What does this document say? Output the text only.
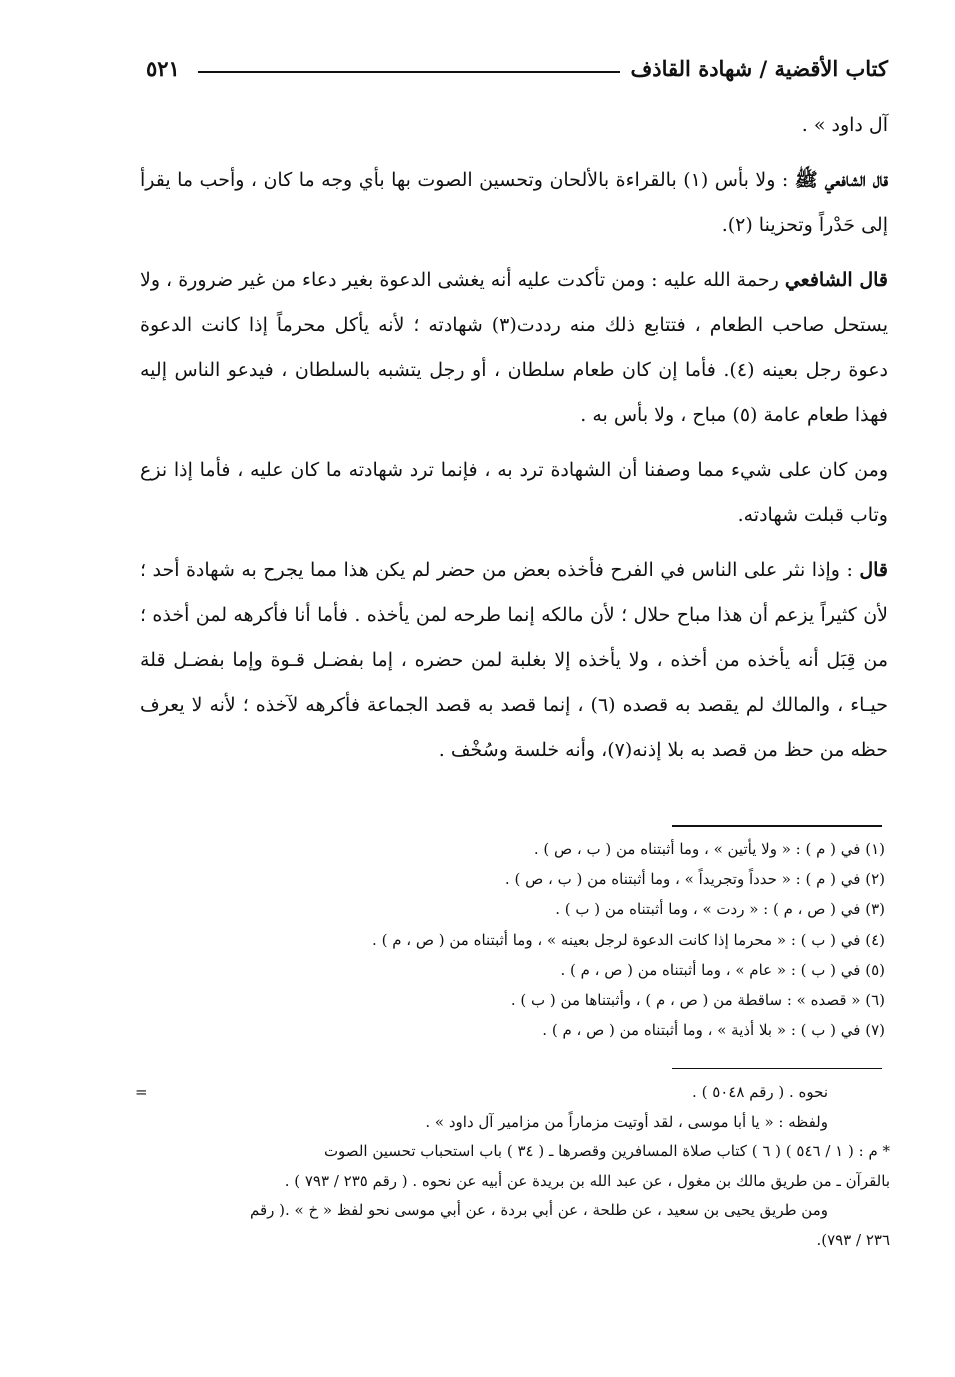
كتاب الأقضية / شهادة القاذف
٥٢١

آل داود » .

قال الشافعي ﷺ : ولا بأس (١) بالقراءة بالألحان وتحسين الصوت بها بأي وجه ما كان ، وأحب ما يقرأ إلى حَدْراً وتحزينا (٢).

قال الشافعي رحمة الله عليه : ومن تأكدت عليه أنه يغشى الدعوة بغير دعاء من غير ضرورة ، ولا يستحل صاحب الطعام ، فتتابع ذلك منه رددت(٣) شهادته ؛ لأنه يأكل محرماً إذا كانت الدعوة دعوة رجل بعينه (٤). فأما إن كان طعام سلطان ، أو رجل يتشبه بالسلطان ، فيدعو الناس إليه فهذا طعام عامة (٥) مباح ، ولا بأس به .

ومن كان على شيء مما وصفنا أن الشهادة ترد به ، فإنما ترد شهادته ما كان عليه ، فأما إذا نزع وتاب قبلت شهادته.

قال : وإذا نثر على الناس في الفرح فأخذه بعض من حضر لم يكن هذا مما يجرح به شهادة أحد ؛ لأن كثيراً يزعم أن هذا مباح حلال ؛ لأن مالكه إنما طرحه لمن يأخذه . فأما أنا فأكرهه لمن أخذه ؛من قِبَل أنه يأخذه من أخذه ، ولا يأخذه إلا بغلبة لمن حضره ، إما بفضـل قـوة وإما بفضـل قلة حيـاء ، والمالك لم يقصد به قصده (٦) ، إنما قصد به قصد الجماعة فأكرهه لآخذه ؛ لأنه لا يعرف حظه من حظ من قصد به بلا إذنه(٧)، وأنه خلسة وسُخْف .

(١) في ( م ) : « ولا يأتين » ، وما أثبتناه من ( ب ، ص ) .
(٢) في ( م ) : « حدداً وتجريداً » ، وما أثبتناه من ( ب ، ص ) .
(٣) في ( ص ، م ) : « ردت » ، وما أثبتناه من ( ب ) .
(٤) في ( ب ) : « محرما إذا كانت الدعوة لرجل بعينه » ، وما أثبتناه من ( ص ، م ) .
(٥) في ( ب ) : « عام » ، وما أثبتناه من ( ص ، م ) .
(٦) « قصده » : ساقطة من ( ص ، م ) ، وأثبتناها من ( ب ) .
(٧) في ( ب ) : « بلا أذية » ، وما أثبتناه من ( ص ، م ) .
=	نحوه . ( رقم ٥٠٤٨ ) .
ولفظه : « يا أبا موسى ، لقد أوتيت مزماراً من مزامير آل داود » .
* م : ( ١ / ٥٤٦ ) ( ٦ ) كتاب صلاة المسافرين وقصرها ـ ( ٣٤ ) باب استحباب تحسين الصوت
بالقرآن ـ من طريق مالك بن مغول ، عن عبد الله بن بريدة عن أبيه عن نحوه . ( رقم ٢٣٥ / ٧٩٣ ) .
ومن طريق يحيى بن سعيد ، عن طلحة ، عن أبي بردة ، عن أبي موسى نحو لفظ « خ » .( رقم
٢٣٦ / ٧٩٣).
